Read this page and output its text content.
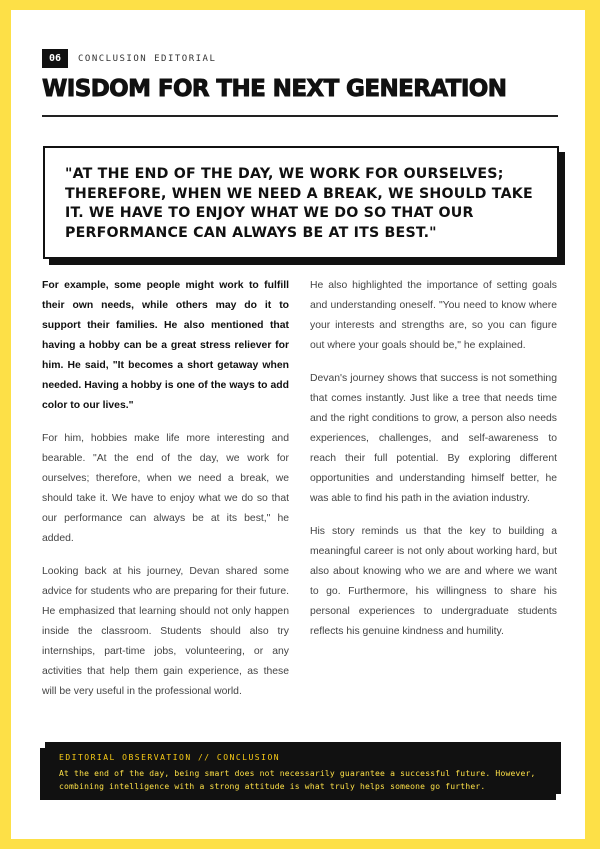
06	CONCLUSION EDITORIAL
WISDOM FOR THE NEXT GENERATION
"AT THE END OF THE DAY, WE WORK FOR OURSELVES; THEREFORE, WHEN WE NEED A BREAK, WE SHOULD TAKE IT. WE HAVE TO ENJOY WHAT WE DO SO THAT OUR PERFORMANCE CAN ALWAYS BE AT ITS BEST."

For example, some people might work to fulfill their own needs, while others may do it to support their families. He also mentioned that having a hobby can be a great stress reliever for him. He said, "It becomes a short getaway when needed. Having a hobby is one of the ways to add color to our lives."

For him, hobbies make life more interesting and bearable. "At the end of the day, we work for ourselves; therefore, when we need a break, we should take it. We have to enjoy what we do so that our performance can always be at its best," he added.

Looking back at his journey, Devan shared some advice for students who are preparing for their future. He emphasized that learning should not only happen inside the classroom. Students should also try internships, part-time jobs, volunteering, or any activities that help them gain experience, as these will be very useful in the professional world.

He also highlighted the importance of setting goals and understanding oneself. "You need to know where your interests and strengths are, so you can figure out where your goals should be," he explained.

Devan's journey shows that success is not something that comes instantly. Just like a tree that needs time and the right conditions to grow, a person also needs experiences, challenges, and self-awareness to reach their full potential. By exploring different opportunities and understanding himself better, he was able to find his path in the aviation industry.

His story reminds us that the key to building a meaningful career is not only about working hard, but also about knowing who we are and where we want to go. Furthermore, his willingness to share his personal experiences to undergraduate students reflects his genuine kindness and humility.

EDITORIAL OBSERVATION // CONCLUSION
At the end of the day, being smart does not necessarily guarantee a successful future. However, combining intelligence with a strong attitude is what truly helps someone go further.
